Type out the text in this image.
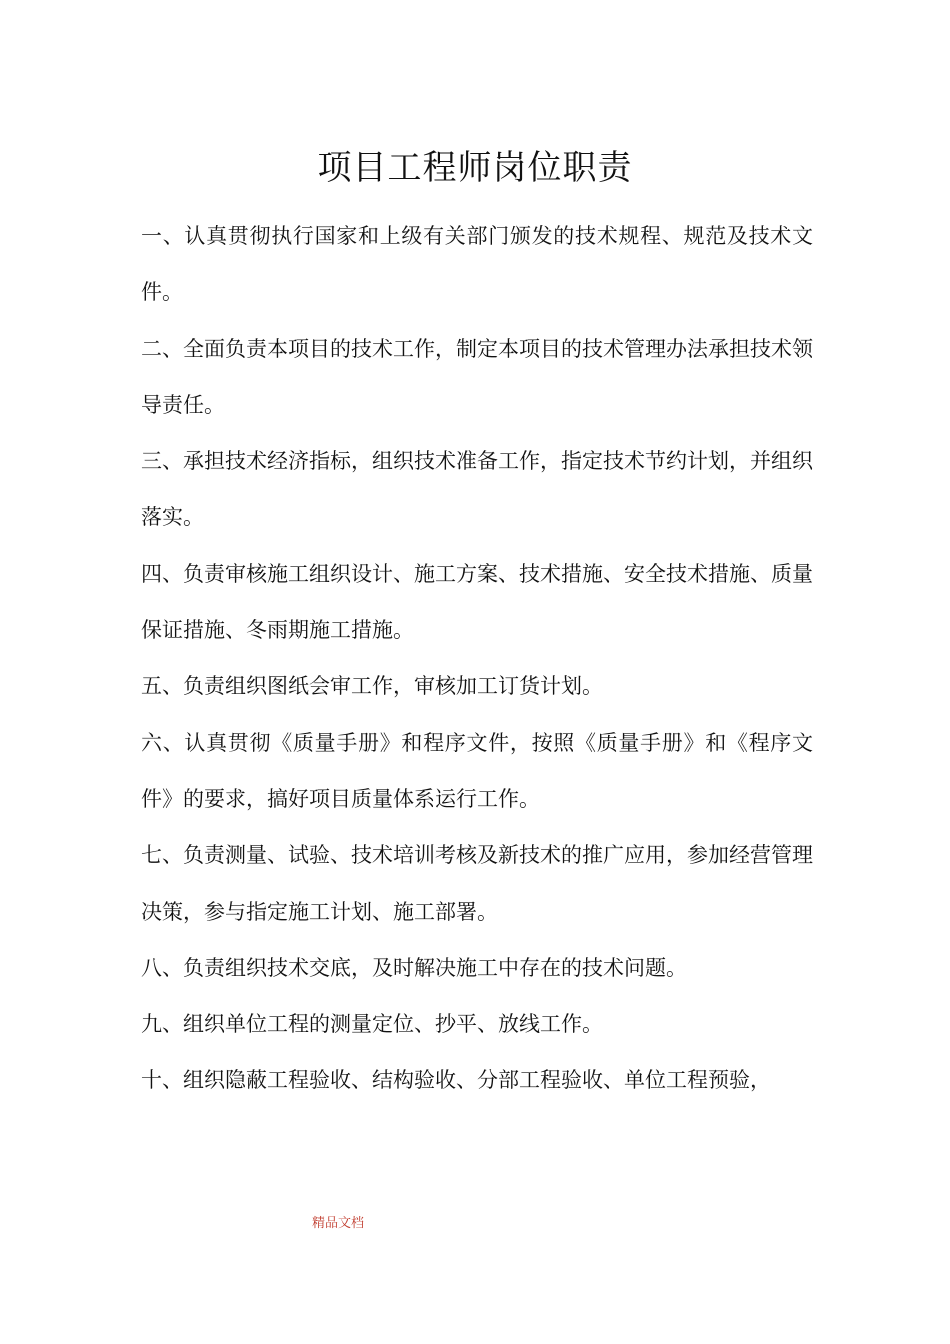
项目工程师岗位职责

一、认真贯彻执行国家和上级有关部门颁发的技术规程、规范及技术文件。

二、全面负责本项目的技术工作，制定本项目的技术管理办法承担技术领导责任。

三、承担技术经济指标，组织技术准备工作，指定技术节约计划，并组织落实。

四、负责审核施工组织设计、施工方案、技术措施、安全技术措施、质量保证措施、冬雨期施工措施。

五、负责组织图纸会审工作，审核加工订货计划。

六、认真贯彻《质量手册》和程序文件，按照《质量手册》和《程序文件》的要求，搞好项目质量体系运行工作。

七、负责测量、试验、技术培训考核及新技术的推广应用，参加经营管理决策，参与指定施工计划、施工部署。

八、负责组织技术交底，及时解决施工中存在的技术问题。

九、组织单位工程的测量定位、抄平、放线工作。

十、组织隐蔽工程验收、结构验收、分部工程验收、单位工程预验，

精品文档
